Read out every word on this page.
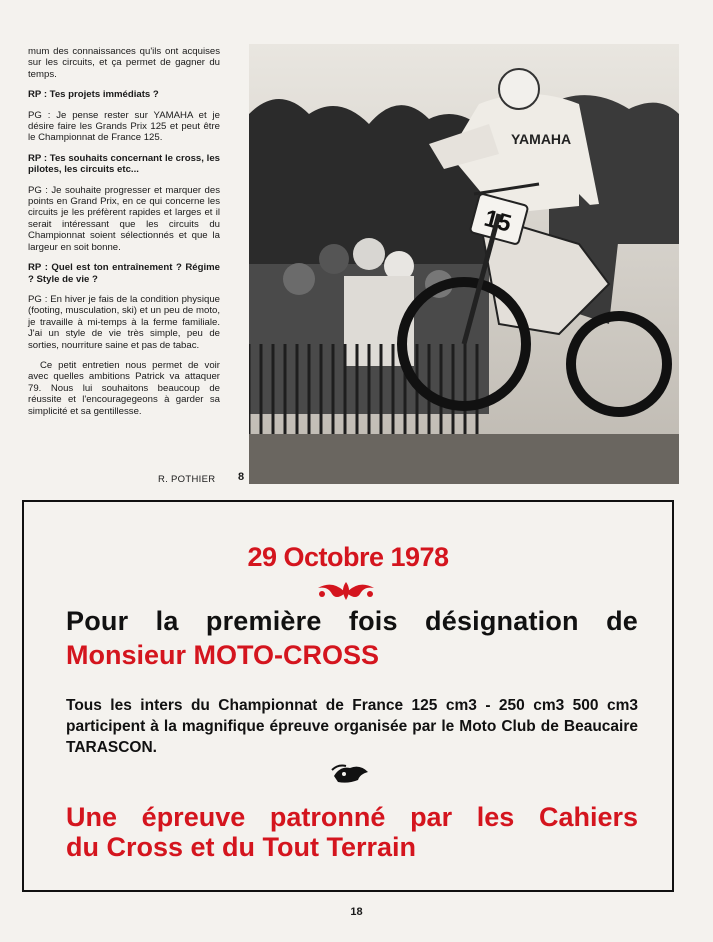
mum des connaissances qu'ils ont acquises sur les circuits, et ça permet de gagner du temps.

RP : Tes projets immédiats ?

PG : Je pense rester sur YAMAHA et je désire faire les Grands Prix 125 et peut être le Championnat de France 125.

RP : Tes souhaits concernant le cross, les pilotes, les circuits etc...

PG : Je souhaite progresser et marquer des points en Grand Prix, en ce qui concerne les circuits je les préfèrent rapides et larges et il serait intéressant que les circuits du Championnat soient sélectionnés et que la largeur en soit bonne.

RP : Quel est ton entraînement ? Régime ? Style de vie ?

PG : En hiver je fais de la condition physique (footing, musculation, ski) et un peu de moto, je travaille à mi-temps à la ferme familiale. J'ai un style de vie très simple, peu de sorties, nourriture saine et pas de tabac.

Ce petit entretien nous permet de voir avec quelles ambitions Patrick va attaquer 79. Nous lui souhaitons beaucoup de réussite et l'encouragegeons à garder sa simplicité et sa gentillesse.

R. POTHIER 8
YAMAHA
29 Octobre 1978
Pour la première fois désignation de
Monsieur MOTO-CROSS
Tous les inters du Championnat de France 125 cm3 - 250 cm3 500 cm3 participent à la magnifique épreuve organisée par le Moto Club de Beaucaire TARASCON.
Une épreuve patronné par les Cahiers
du Cross et du Tout Terrain
18
